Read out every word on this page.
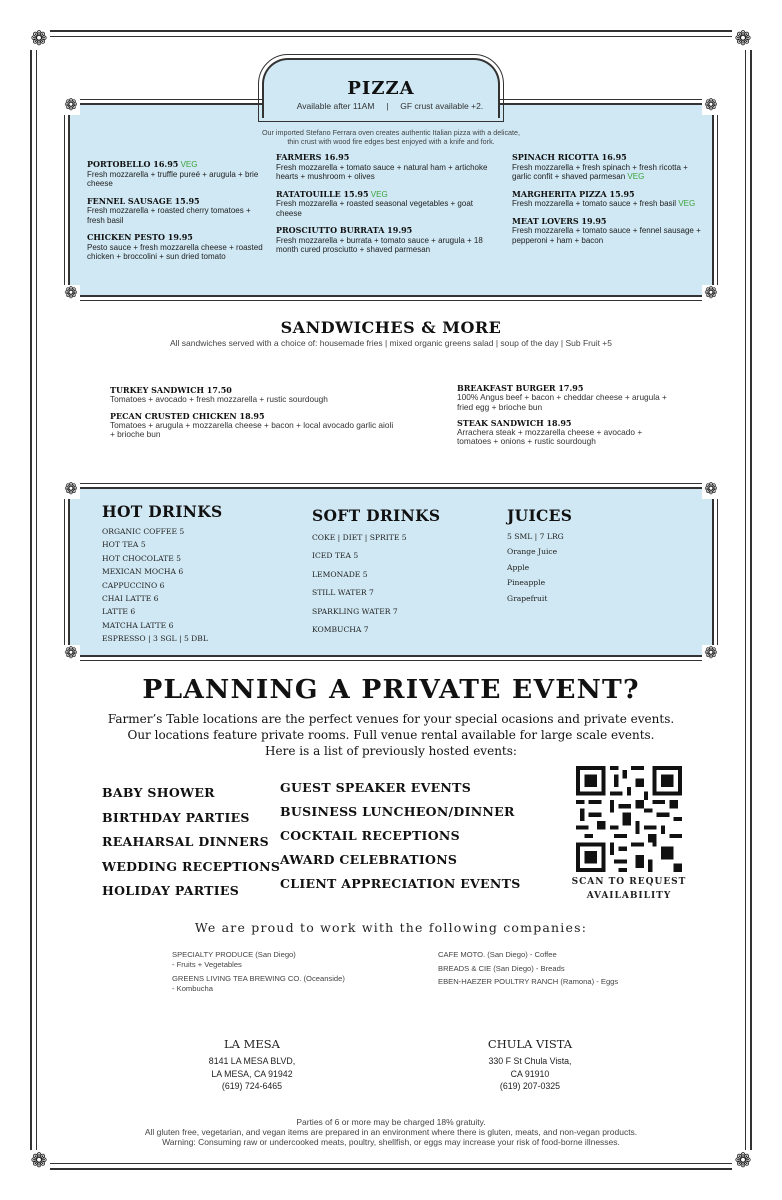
❁	❁
❁	❁
❁	❁
❁	❁
PIZZA
Available after 11AM | GF crust available +2.
Our imported Stefano Ferrara oven creates authentic Italian pizza with a delicate,
thin crust with wood fire edges best enjoyed with a knife and fork.
PORTOBELLO 16.95 VEG
Fresh mozzarella + truffle pureé + arugula + brie cheese
FENNEL SAUSAGE 15.95
Fresh mozzarella + roasted cherry tomatoes + fresh basil
CHICKEN PESTO 19.95
Pesto sauce + fresh mozzarella cheese + roasted chicken + broccolini + sun dried tomato
FARMERS 16.95
Fresh mozzarella + tomato sauce + natural ham + artichoke hearts + mushroom + olives
RATATOUILLE 15.95 VEG
Fresh mozzarella + roasted seasonal vegetables + goat cheese
PROSCIUTTO BURRATA 19.95
Fresh mozzarella + burrata + tomato sauce + arugula + 18 month cured prosciutto + shaved parmesan
SPINACH RICOTTA 16.95
Fresh mozzarella + fresh spinach + fresh ricotta + garlic confit + shaved parmesan VEG
MARGHERITA PIZZA 15.95
Fresh mozzarella + tomato sauce + fresh basil VEG
MEAT LOVERS 19.95
Fresh mozzarella + tomato sauce + fennel sausage + pepperoni + ham + bacon
SANDWICHES & MORE
All sandwiches served with a choice of: housemade fries | mixed organic greens salad | soup of the day | Sub Fruit +5
TURKEY SANDWICH 17.50
Tomatoes + avocado + fresh mozzarella + rustic sourdough
PECAN CRUSTED CHICKEN 18.95
Tomatoes + arugula + mozzarella cheese + bacon + local avocado garlic aioli + brioche bun
BREAKFAST BURGER 17.95
100% Angus beef + bacon + cheddar cheese + arugula + fried egg + brioche bun
STEAK SANDWICH 18.95
Arrachera steak + mozzarella cheese + avocado + tomatoes + onions + rustic sourdough
❁	❁
❁	❁
HOT DRINKS
ORGANIC COFFEE 5
HOT TEA 5
HOT CHOCOLATE 5
MEXICAN MOCHA 6
CAPPUCCINO 6
CHAI LATTE 6
LATTE 6
MATCHA LATTE 6
ESPRESSO | 3 SGL | 5 DBL
SOFT DRINKS
COKE | DIET | SPRITE 5
ICED TEA 5
LEMONADE 5
STILL WATER 7
SPARKLING WATER 7
KOMBUCHA 7
JUICES
5 SML | 7 LRG
Orange Juice
Apple
Pineapple
Grapefruit
PLANNING A PRIVATE EVENT?
Farmer’s Table locations are the perfect venues for your special ocasions and private events.
Our locations feature private rooms. Full venue rental available for large scale events.
Here is a list of previously hosted events:
BABY SHOWER
BIRTHDAY PARTIES
REAHARSAL DINNERS
WEDDING RECEPTIONS
HOLIDAY PARTIES
GUEST SPEAKER EVENTS
BUSINESS LUNCHEON/DINNER
COCKTAIL RECEPTIONS
AWARD CELEBRATIONS
CLIENT APPRECIATION EVENTS	SCAN TO REQUEST
AVAILABILITY
We are proud to work with the following companies:
SPECIALTY PRODUCE (San Diego)
- Fruits + Vegetables
GREENS LIVING TEA BREWING CO. (Oceanside)
- Kombucha
CAFE MOTO. (San Diego) - Coffee
BREADS & CIE (San Diego) - Breads
EBEN-HAEZER POULTRY RANCH (Ramona) - Eggs
LA MESA
8141 LA MESA BLVD,
LA MESA, CA 91942
(619) 724-6465
CHULA VISTA
330 F St Chula Vista,
CA 91910
(619) 207-0325
Parties of 6 or more may be charged 18% gratuity.
All gluten free, vegetarian, and vegan items are prepared in an environment where there is gluten, meats, and non-vegan products.
Warning: Consuming raw or undercooked meats, poultry, shellfish, or eggs may increase your risk of food-borne illnesses.
